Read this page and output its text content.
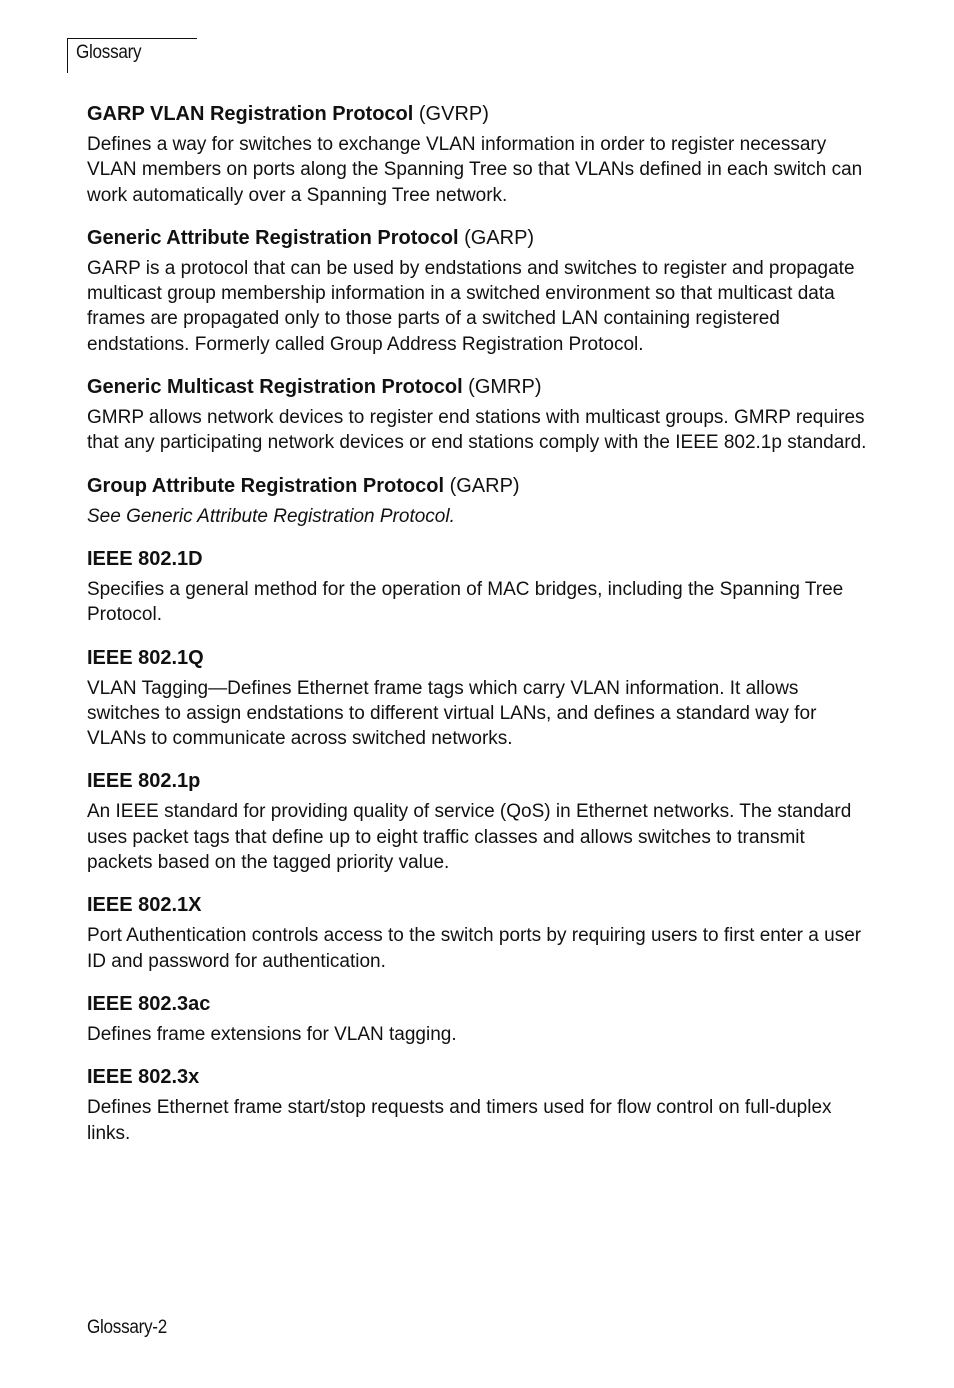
Glossary
GARP VLAN Registration Protocol (GVRP)

Defines a way for switches to exchange VLAN information in order to register necessary VLAN members on ports along the Spanning Tree so that VLANs defined in each switch can work automatically over a Spanning Tree network.

Generic Attribute Registration Protocol (GARP)

GARP is a protocol that can be used by endstations and switches to register and propagate multicast group membership information in a switched environment so that multicast data frames are propagated only to those parts of a switched LAN containing registered endstations. Formerly called Group Address Registration Protocol.

Generic Multicast Registration Protocol (GMRP)

GMRP allows network devices to register end stations with multicast groups. GMRP requires that any participating network devices or end stations comply with the IEEE 802.1p standard.

Group Attribute Registration Protocol (GARP)

See Generic Attribute Registration Protocol.

IEEE 802.1D

Specifies a general method for the operation of MAC bridges, including the Spanning Tree Protocol.

IEEE 802.1Q

VLAN Tagging—Defines Ethernet frame tags which carry VLAN information. It allows switches to assign endstations to different virtual LANs, and defines a standard way for VLANs to communicate across switched networks.

IEEE 802.1p

An IEEE standard for providing quality of service (QoS) in Ethernet networks. The standard uses packet tags that define up to eight traffic classes and allows switches to transmit packets based on the tagged priority value.

IEEE 802.1X

Port Authentication controls access to the switch ports by requiring users to first enter a user ID and password for authentication.

IEEE 802.3ac

Defines frame extensions for VLAN tagging.

IEEE 802.3x

Defines Ethernet frame start/stop requests and timers used for flow control on full-duplex links.

Glossary-2
